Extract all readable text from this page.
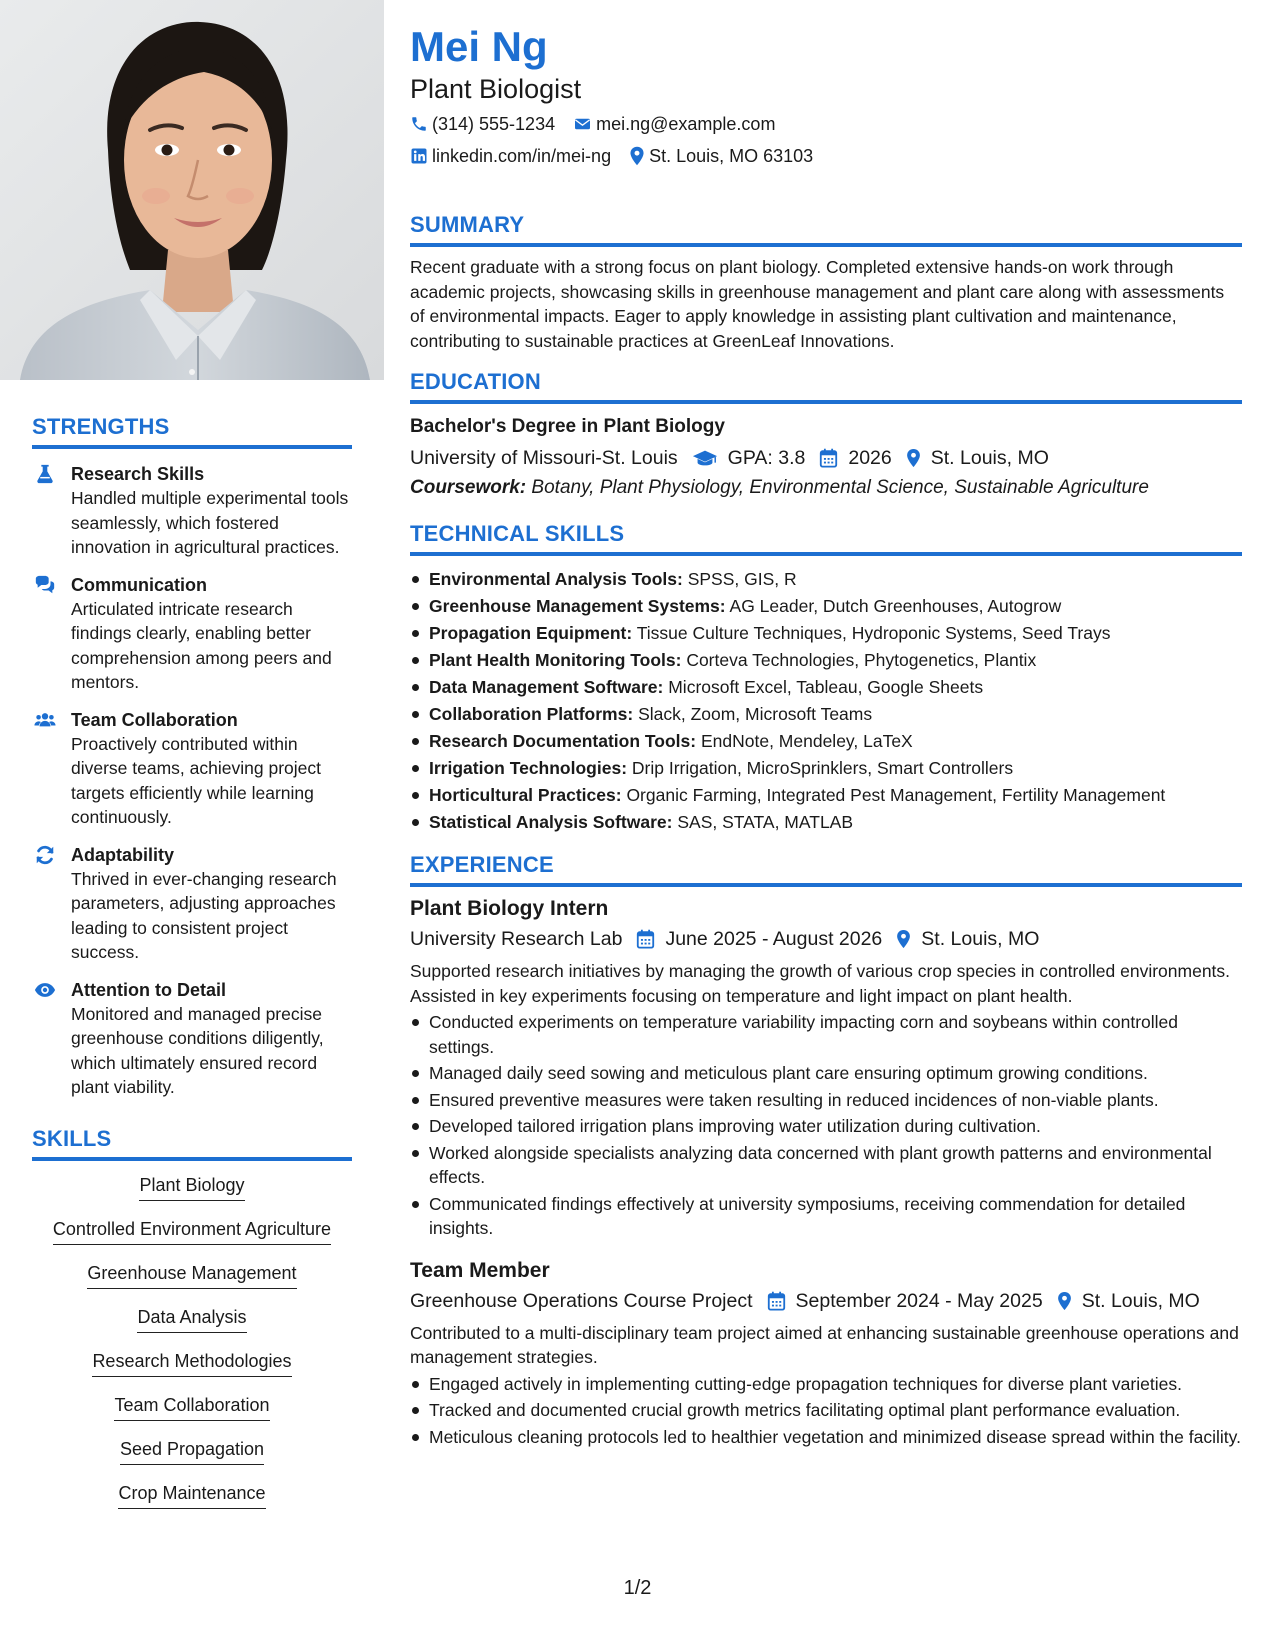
STRENGTHS
Research Skills
Handled multiple experimental tools seamlessly, which fostered innovation in agricultural practices.
Communication
Articulated intricate research findings clearly, enabling better comprehension among peers and mentors.
Team Collaboration
Proactively contributed within diverse teams, achieving project targets efficiently while learning continuously.
Adaptability
Thrived in ever-changing research parameters, adjusting approaches leading to consistent project success.
Attention to Detail
Monitored and managed precise greenhouse conditions diligently, which ultimately ensured record plant viability.
SKILLS
Plant Biology
Controlled Environment Agriculture
Greenhouse Management
Data Analysis
Research Methodologies
Team Collaboration
Seed Propagation
Crop Maintenance
Mei Ng
Plant Biologist
(314) 555-1234 mei.ng@example.com
linkedin.com/in/mei-ng St. Louis, MO 63103
SUMMARY
Recent graduate with a strong focus on plant biology. Completed extensive hands-on work through academic projects, showcasing skills in greenhouse management and plant care along with assessments of environmental impacts. Eager to apply knowledge in assisting plant cultivation and maintenance, contributing to sustainable practices at GreenLeaf Innovations.
EDUCATION
Bachelor's Degree in Plant Biology
University of Missouri-St. Louis	GPA: 3.8 2026 St. Louis, MO
Coursework: Botany, Plant Physiology, Environmental Science, Sustainable Agriculture
TECHNICAL SKILLS
Environmental Analysis Tools: SPSS, GIS, R
Greenhouse Management Systems: AG Leader, Dutch Greenhouses, Autogrow
Propagation Equipment: Tissue Culture Techniques, Hydroponic Systems, Seed Trays
Plant Health Monitoring Tools: Corteva Technologies, Phytogenetics, Plantix
Data Management Software: Microsoft Excel, Tableau, Google Sheets
Collaboration Platforms: Slack, Zoom, Microsoft Teams
Research Documentation Tools: EndNote, Mendeley, LaTeX
Irrigation Technologies: Drip Irrigation, MicroSprinklers, Smart Controllers
Horticultural Practices: Organic Farming, Integrated Pest Management, Fertility Management
Statistical Analysis Software: SAS, STATA, MATLAB
EXPERIENCE
Plant Biology Intern
University Research Lab June 2025 - August 2026 St. Louis, MO
Supported research initiatives by managing the growth of various crop species in controlled environments. Assisted in key experiments focusing on temperature and light impact on plant health.
Conducted experiments on temperature variability impacting corn and soybeans within controlled settings.
Managed daily seed sowing and meticulous plant care ensuring optimum growing conditions.
Ensured preventive measures were taken resulting in reduced incidences of non-viable plants.
Developed tailored irrigation plans improving water utilization during cultivation.
Worked alongside specialists analyzing data concerned with plant growth patterns and environmental effects.
Communicated findings effectively at university symposiums, receiving commendation for detailed insights.
Team Member
Greenhouse Operations Course Project September 2024 - May 2025 St. Louis, MO
Contributed to a multi-disciplinary team project aimed at enhancing sustainable greenhouse operations and management strategies.
Engaged actively in implementing cutting-edge propagation techniques for diverse plant varieties.
Tracked and documented crucial growth metrics facilitating optimal plant performance evaluation.
Meticulous cleaning protocols led to healthier vegetation and minimized disease spread within the facility.
1/2
